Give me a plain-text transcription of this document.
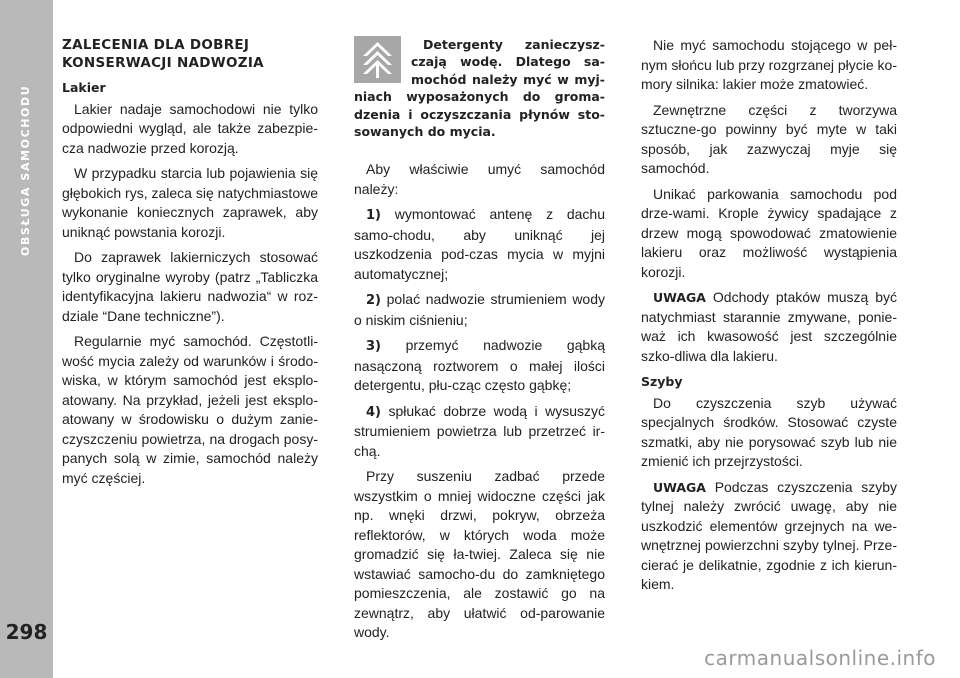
OBSŁUGA SAMOCHODU
298
ZALECENIA DLA DOBREJ KONSERWACJI NADWOZIA
Lakier

Lakier nadaje samochodowi nie tylko odpowiedni wygląd, ale także zabezpie-cza nadwozie przed korozją.

W przypadku starcia lub pojawienia się głębokich rys, zaleca się natychmiastowe wykonanie koniecznych zaprawek, aby uniknąć powstania korozji.

Do zaprawek lakierniczych stosować tylko oryginalne wyroby (patrz „Tabliczka identyfikacyjna lakieru nadwozia“ w roz-dziale “Dane techniczne”).

Regularnie myć samochód. Częstotli-wość mycia zależy od warunków i środo-wiska, w którym samochód jest eksplo-atowany. Na przykład, jeżeli jest eksplo-atowany w środowisku o dużym zanie-czyszczeniu powietrza, na drogach posy-panych solą w zimie, samochód należy myć częściej.

Detergenty zanieczysz-czają wodę. Dlatego sa-mochód należy myć w myj-niach wyposażonych do groma-dzenia i oczyszczania płynów sto-sowanych do mycia.

Aby właściwie umyć samochód należy:

1) wymontować antenę z dachu samo-chodu, aby uniknąć jej uszkodzenia pod-czas mycia w myjni automatycznej;

2) polać nadwozie strumieniem wody o niskim ciśnieniu;

3) przemyć nadwozie gąbką nasączoną roztworem o małej ilości detergentu, płu-cząc często gąbkę;

4) spłukać dobrze wodą i wysuszyć strumieniem powietrza lub przetrzeć ir-chą.

Przy suszeniu zadbać przede wszystkim o mniej widoczne części jak np. wnęki drzwi, pokryw, obrzeża reflektorów, w których woda może gromadzić się ła-twiej. Zaleca się nie wstawiać samocho-du do zamkniętego pomieszczenia, ale zostawić go na zewnątrz, aby ułatwić od-parowanie wody.

Nie myć samochodu stojącego w peł-nym słońcu lub przy rozgrzanej płycie ko-mory silnika: lakier może zmatowieć.

Zewnętrzne części z tworzywa sztuczne-go powinny być myte w taki sposób, jak zazwyczaj myje się samochód.

Unikać parkowania samochodu pod drze-wami. Krople żywicy spadające z drzew mogą spowodować zmatowienie lakieru oraz możliwość wystąpienia korozji.

UWAGA Odchody ptaków muszą być natychmiast starannie zmywane, ponie-waż ich kwasowość jest szczególnie szko-dliwa dla lakieru.

Szyby

Do czyszczenia szyb używać specjalnych środków. Stosować czyste szmatki, aby nie porysować szyb lub nie zmienić ich przejrzystości.

UWAGA Podczas czyszczenia szyby tylnej należy zwrócić uwagę, aby nie uszkodzić elementów grzejnych na we-wnętrznej powierzchni szyby tylnej. Prze-cierać je delikatnie, zgodnie z ich kierun-kiem.

carmanualsonline.info
